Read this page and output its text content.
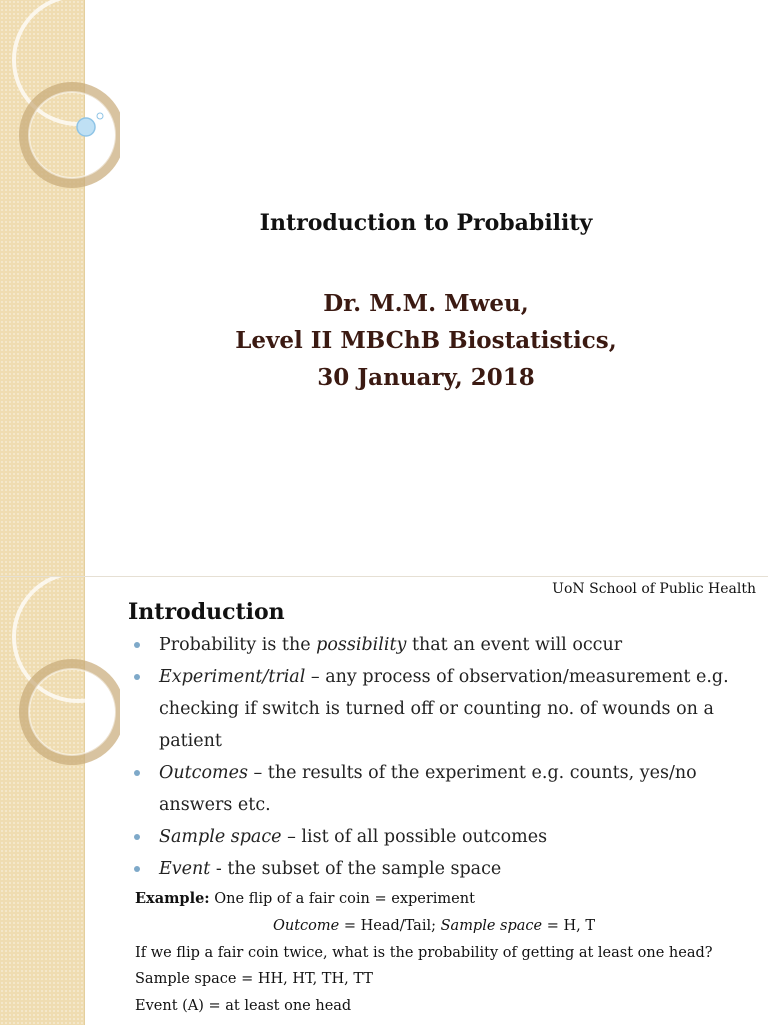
Introduction to Probability
Dr. M.M. Mweu,
Level II MBChB Biostatistics,
30 January, 2018
UoN School of Public Health
Introduction
Probability is the possibility that an event will occur
Experiment/trial – any process of observation/measurement e.g. checking if switch is turned off or counting no. of wounds on a patient
Outcomes – the results of the experiment e.g. counts, yes/no answers etc.
Sample space – list of all possible outcomes
Event - the subset of the sample space
Example: One flip of a fair coin = experiment
Outcome = Head/Tail; Sample space = H, T
If we flip a fair coin twice, what is the probability of getting at least one head?
Sample space = HH, HT, TH, TT
Event (A) = at least one head
